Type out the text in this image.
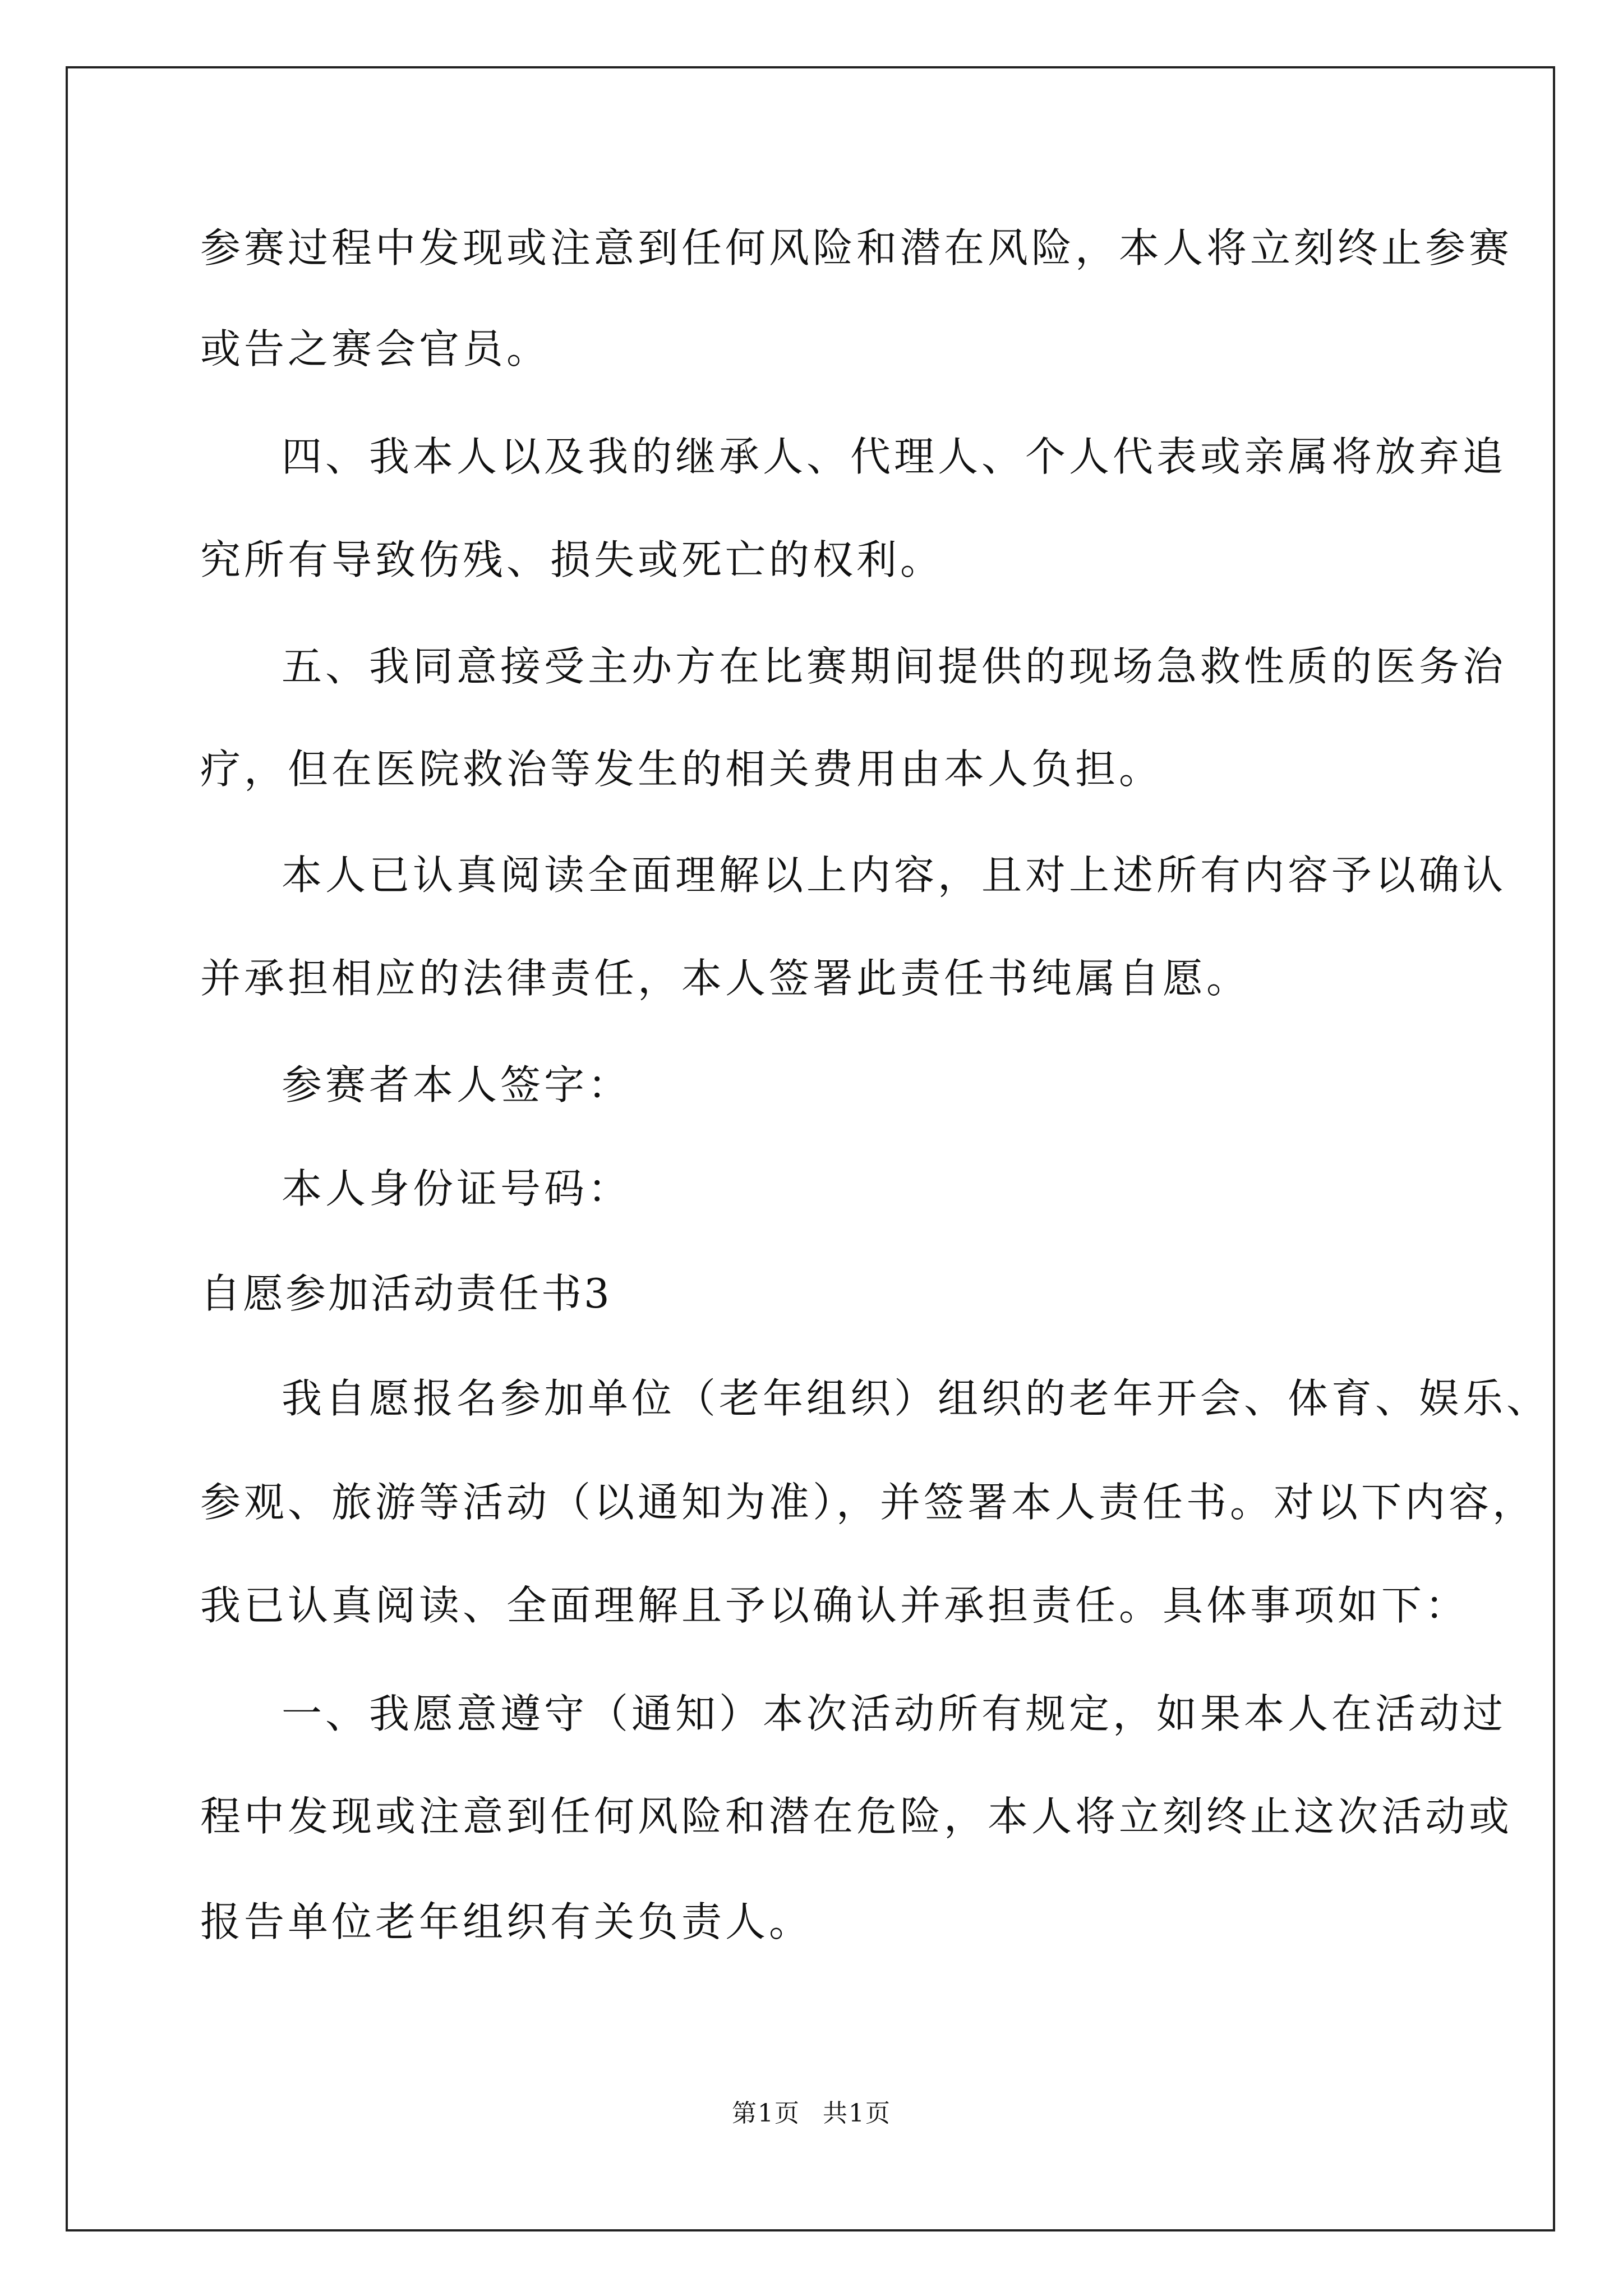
参赛过程中发现或注意到任何风险和潜在风险，本人将立刻终止参赛
或告之赛会官员。
四、我本人以及我的继承人、代理人、个人代表或亲属将放弃追
究所有导致伤残、损失或死亡的权利。
五、我同意接受主办方在比赛期间提供的现场急救性质的医务治
疗，但在医院救治等发生的相关费用由本人负担。
本人已认真阅读全面理解以上内容，且对上述所有内容予以确认
并承担相应的法律责任，本人签署此责任书纯属自愿。
参赛者本人签字：
本人身份证号码：
自愿参加活动责任书3
我自愿报名参加单位（老年组织）组织的老年开会、体育、娱乐、
参观、旅游等活动（以通知为准），并签署本人责任书。对以下内容，
我已认真阅读、全面理解且予以确认并承担责任。具体事项如下：
一、我愿意遵守（通知）本次活动所有规定，如果本人在活动过
程中发现或注意到任何风险和潜在危险，本人将立刻终止这次活动或
报告单位老年组织有关负责人。
第1页 共1页
